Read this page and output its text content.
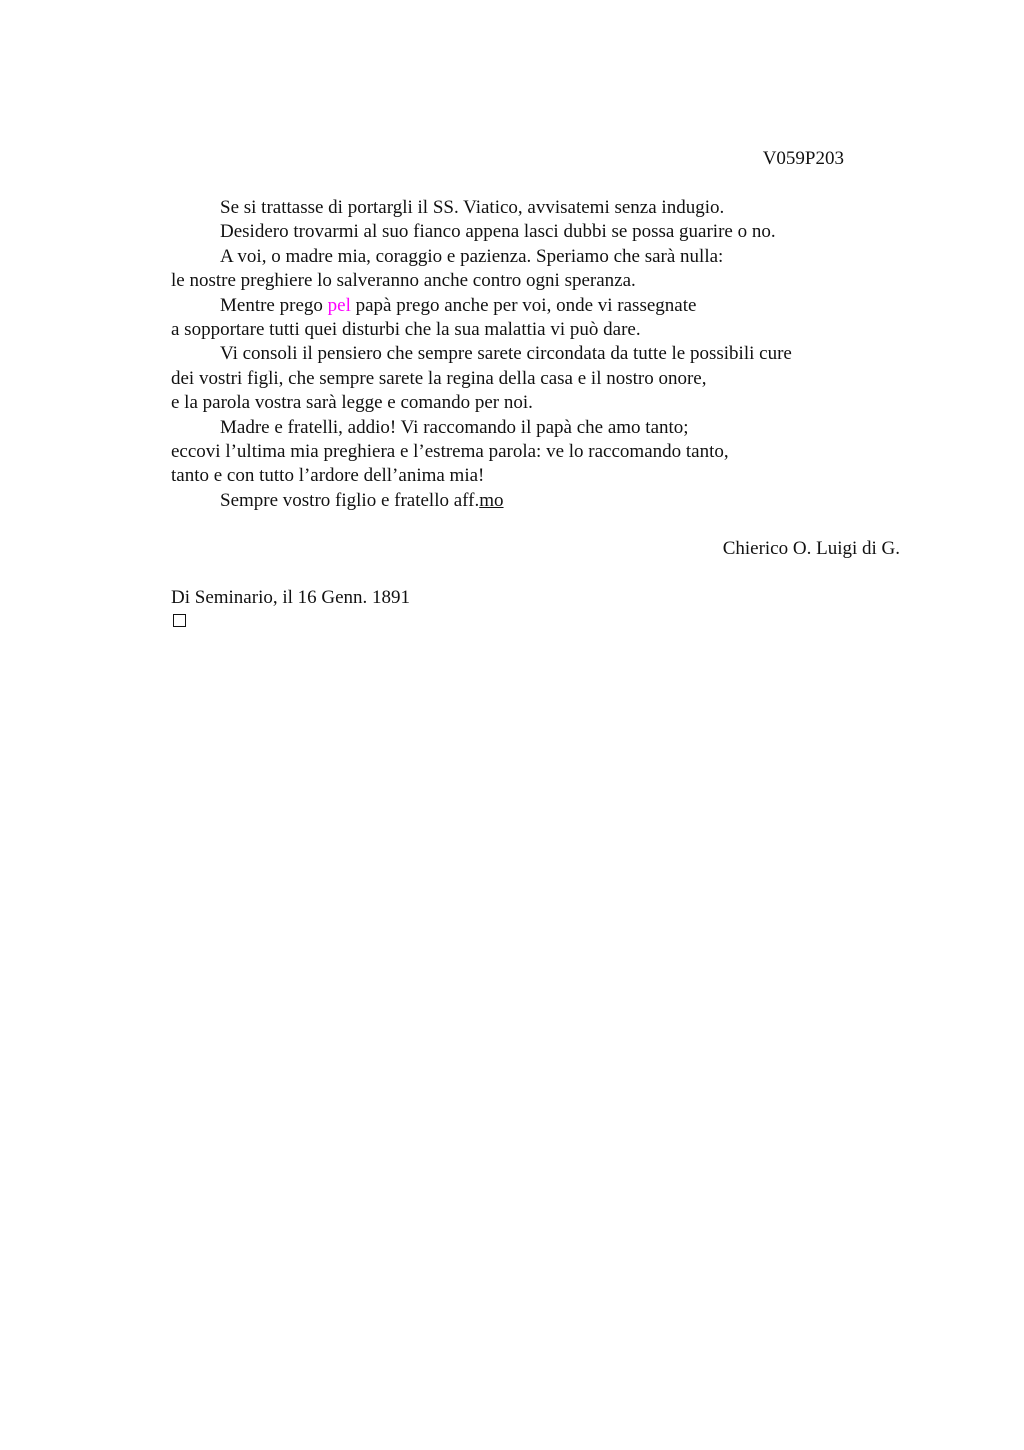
V059P203
Se si trattasse di portargli il SS. Viatico, avvisatemi senza indugio.
Desidero trovarmi al suo fianco appena lasci dubbi se possa guarire o no.
A voi, o madre mia, coraggio e pazienza. Speriamo che sarà nulla:
le nostre preghiere lo salveranno anche contro ogni speranza.
Mentre prego pel papà prego anche per voi, onde vi rassegnate
a sopportare tutti quei disturbi che la sua malattia vi può dare.
Vi consoli il pensiero che sempre sarete circondata da tutte le possibili cure
dei vostri figli, che sempre sarete la regina della casa e il nostro onore,
e la parola vostra sarà legge e comando per noi.
Madre e fratelli, addio! Vi raccomando il papà che amo tanto;
eccovi l’ultima mia preghiera e l’estrema parola: ve lo raccomando tanto,
tanto e con tutto l’ardore dell’anima mia!
Sempre vostro figlio e fratello aff.mo
Chierico O. Luigi di G.
Di Seminario, il 16 Genn. 1891
